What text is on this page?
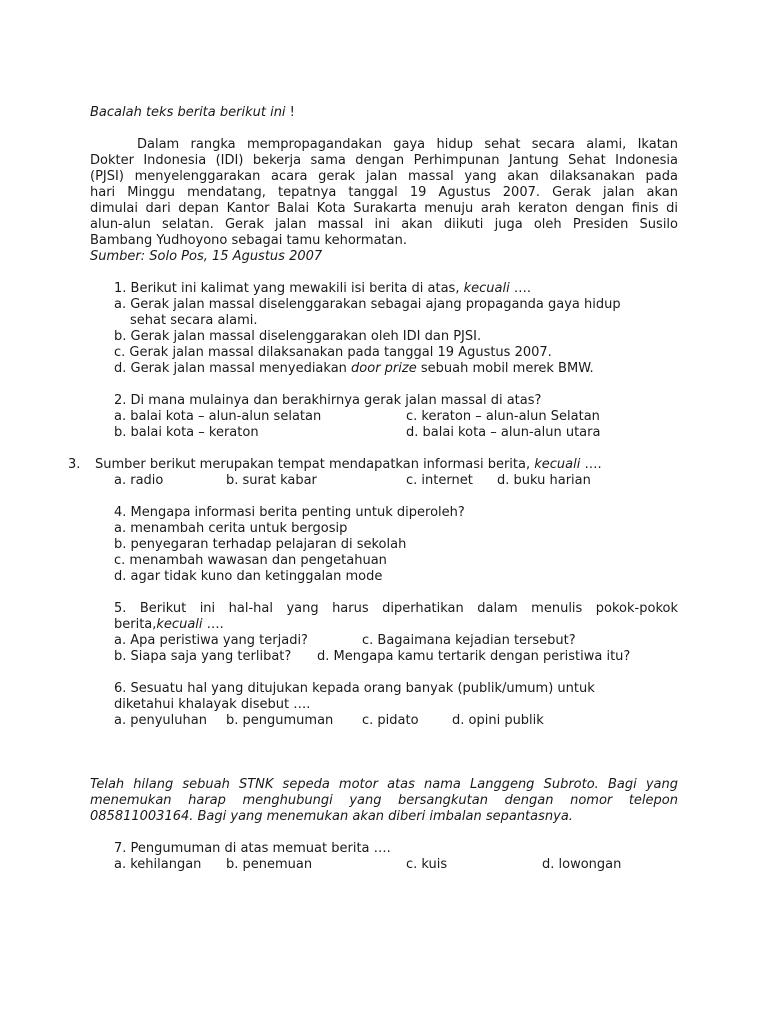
Bacalah teks berita berikut ini !
Dalam rangka mempropagandakan gaya hidup sehat secara alami, Ikatan
Dokter Indonesia (IDI) bekerja sama dengan Perhimpunan Jantung Sehat Indonesia
(PJSI) menyelenggarakan acara gerak jalan massal yang akan dilaksanakan pada
hari Minggu mendatang, tepatnya tanggal 19 Agustus 2007. Gerak jalan akan
dimulai dari depan Kantor Balai Kota Surakarta menuju arah keraton dengan finis di
alun-alun selatan. Gerak jalan massal ini akan diikuti juga oleh Presiden Susilo
Bambang Yudhoyono sebagai tamu kehormatan.
Sumber: Solo Pos, 15 Agustus 2007
1. Berikut ini kalimat yang mewakili isi berita di atas, kecuali ….
a. Gerak jalan massal diselenggarakan sebagai ajang propaganda gaya hidup
sehat secara alami.
b. Gerak jalan massal diselenggarakan oleh IDI dan PJSI.
c. Gerak jalan massal dilaksanakan pada tanggal 19 Agustus 2007.
d. Gerak jalan massal menyediakan door prize sebuah mobil merek BMW.
2. Di mana mulainya dan berakhirnya gerak jalan massal di atas?
a. balai kota – alun-alun selatan	c. keraton – alun-alun Selatan
b. balai kota – keraton	d. balai kota – alun-alun utara
3. Sumber berikut merupakan tempat mendapatkan informasi berita, kecuali ….
a. radio	b. surat kabar	c. internet d. buku harian
4. Mengapa informasi berita penting untuk diperoleh?
a. menambah cerita untuk bergosip
b. penyegaran terhadap pelajaran di sekolah
c. menambah wawasan dan pengetahuan
d. agar tidak kuno dan ketinggalan mode
5. Berikut ini hal-hal yang harus diperhatikan dalam menulis pokok-pokok
berita,kecuali ….
a. Apa peristiwa yang terjadi?	c. Bagaimana kejadian tersebut?
b. Siapa saja yang terlibat? d. Mengapa kamu tertarik dengan peristiwa itu?
6. Sesuatu hal yang ditujukan kepada orang banyak (publik/umum) untuk
diketahui khalayak disebut ….
a. penyuluhan b. pengumuman c. pidato	d. opini publik
Telah hilang sebuah STNK sepeda motor atas nama Langgeng Subroto. Bagi yang
menemukan harap menghubungi yang bersangkutan dengan nomor telepon
085811003164. Bagi yang menemukan akan diberi imbalan sepantasnya.
7. Pengumuman di atas memuat berita ….
a. kehilangan b. penemuan	c. kuis	d. lowongan
